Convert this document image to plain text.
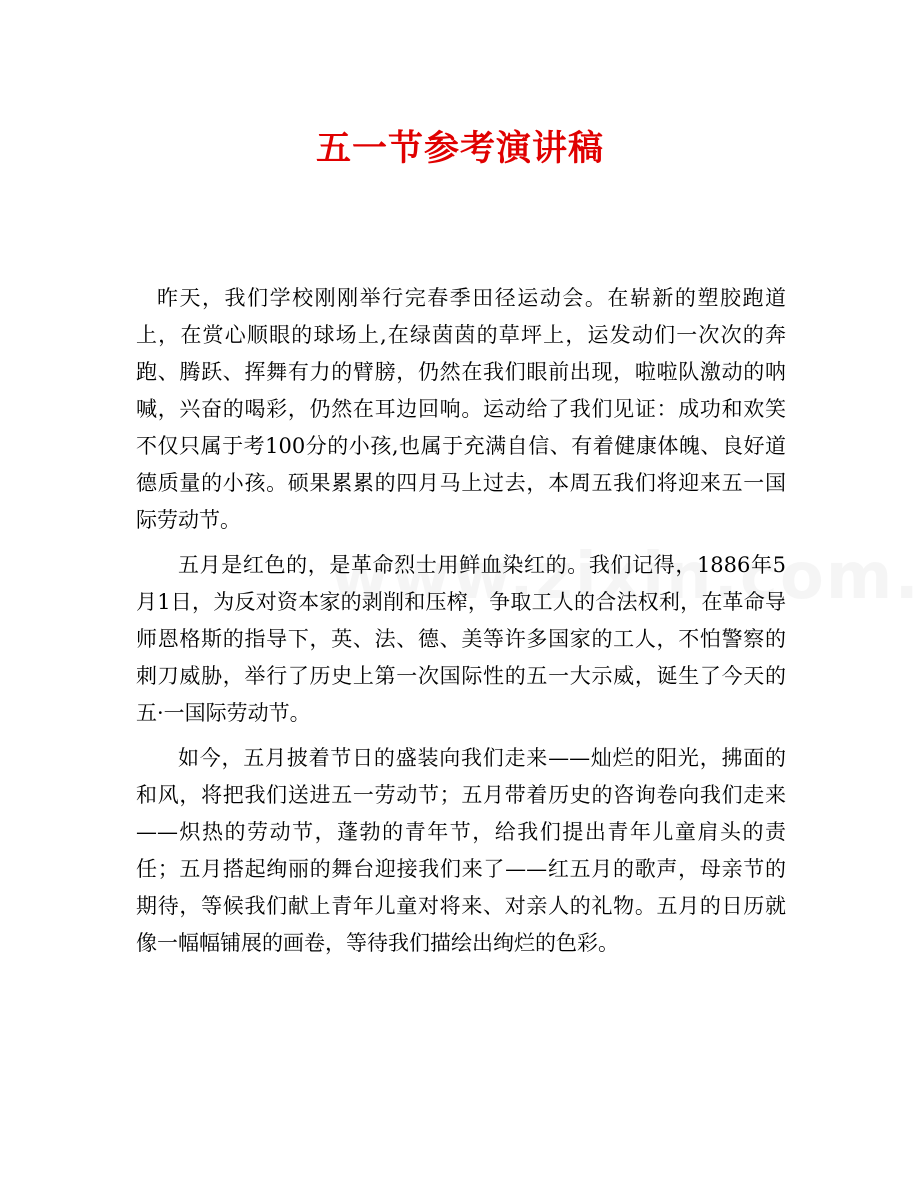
五一节参考演讲稿

昨天，我们学校刚刚举行完春季田径运动会。在崭新的塑胶跑道上，在赏心顺眼的球场上,在绿茵茵的草坪上，运发动们一次次的奔跑、腾跃、挥舞有力的臂膀，仍然在我们眼前出现，啦啦队激动的呐喊，兴奋的喝彩，仍然在耳边回响。运动给了我们见证：成功和欢笑不仅只属于考100分的小孩,也属于充满自信、有着健康体魄、良好道德质量的小孩。硕果累累的四月马上过去，本周五我们将迎来五一国际劳动节。

五月是红色的，是革命烈士用鲜血染红的。我们记得，1886年5月1日，为反对资本家的剥削和压榨，争取工人的合法权利，在革命导师恩格斯的指导下，英、法、德、美等许多国家的工人，不怕警察的刺刀威胁，举行了历史上第一次国际性的五一大示威，诞生了今天的五·一国际劳动节。

如今，五月披着节日的盛装向我们走来——灿烂的阳光，拂面的和风，将把我们送进五一劳动节；五月带着历史的咨询卷向我们走来——炽热的劳动节，蓬勃的青年节，给我们提出青年儿童肩头的责任；五月搭起绚丽的舞台迎接我们来了——红五月的歌声，母亲节的期待，等候我们献上青年儿童对将来、对亲人的礼物。五月的日历就像一幅幅铺展的画卷，等待我们描绘出绚烂的色彩。
